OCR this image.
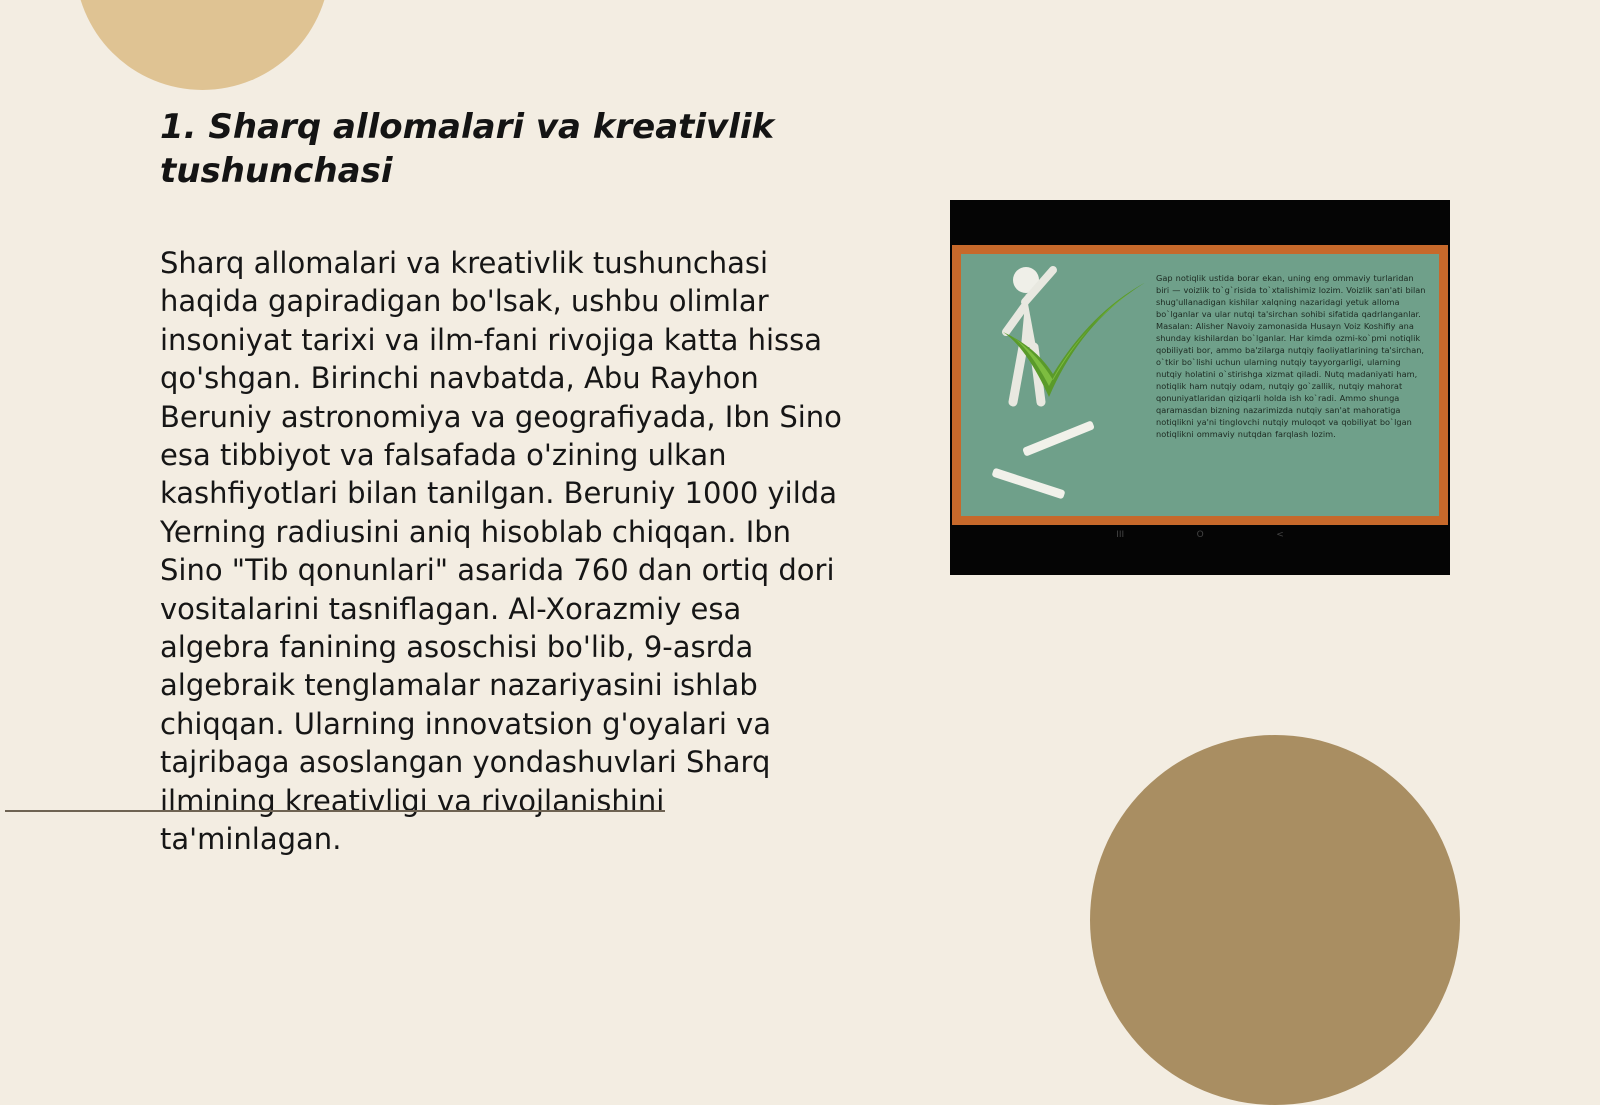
1. Sharq allomalari va kreativlik tushunchasi

Sharq allomalari va kreativlik tushunchasi haqida gapiradigan bo'lsak, ushbu olimlar insoniyat tarixi va ilm-fani rivojiga katta hissa qo'shgan. Birinchi navbatda, Abu Rayhon Beruniy astronomiya va geografiyada, Ibn Sino esa tibbiyot va falsafada o'zining ulkan kashfiyotlari bilan tanilgan. Beruniy 1000 yilda Yerning radiusini aniq hisoblab chiqqan. Ibn Sino "Tib qonunlari" asarida 760 dan ortiq dori vositalarini tasniflagan. Al-Xorazmiy esa algebra fanining asoschisi bo'lib, 9-asrda algebraik tenglamalar nazariyasini ishlab chiqqan. Ularning innovatsion g'oyalari va tajribaga asoslangan yondashuvlari Sharq ilmining kreativligi va rivojlanishini ta'minlagan.

Gap notiqlik ustida borar ekan, uning eng ommaviy turlaridan biri — voizlik to`g`risida to`xtalishimiz lozim. Voizlik san'ati bilan shug'ullanadigan kishilar xalqning nazaridagi yetuk alloma bo`lganlar va ular nutqi ta'sirchan sohibi sifatida qadrlanganlar. Masalan: Alisher Navoiy zamonasida Husayn Voiz Koshifiy ana shunday kishilardan bo`lganlar. Har kimda ozmi-ko`pmi notiqlik qobiliyati bor, ammo ba'zilarga nutqiy faoliyatlarining ta'sirchan, o`tkir bo`lishi uchun ularning nutqiy tayyorgarligi, ularning nutqiy holatini o`stirishga xizmat qiladi. Nutq madaniyati ham, notiqlik ham nutqiy odam, nutqiy go`zallik, nutqiy mahorat qonuniyatlaridan qiziqarli holda ish ko`radi. Ammo shunga qaramasdan bizning nazarimizda nutqiy san'at mahoratiga notiqlikni ya'ni tinglovchi nutqiy muloqot va qobiliyat bo`lgan notiqlikni ommaviy nutqdan farqlash lozim.
III	O	<
